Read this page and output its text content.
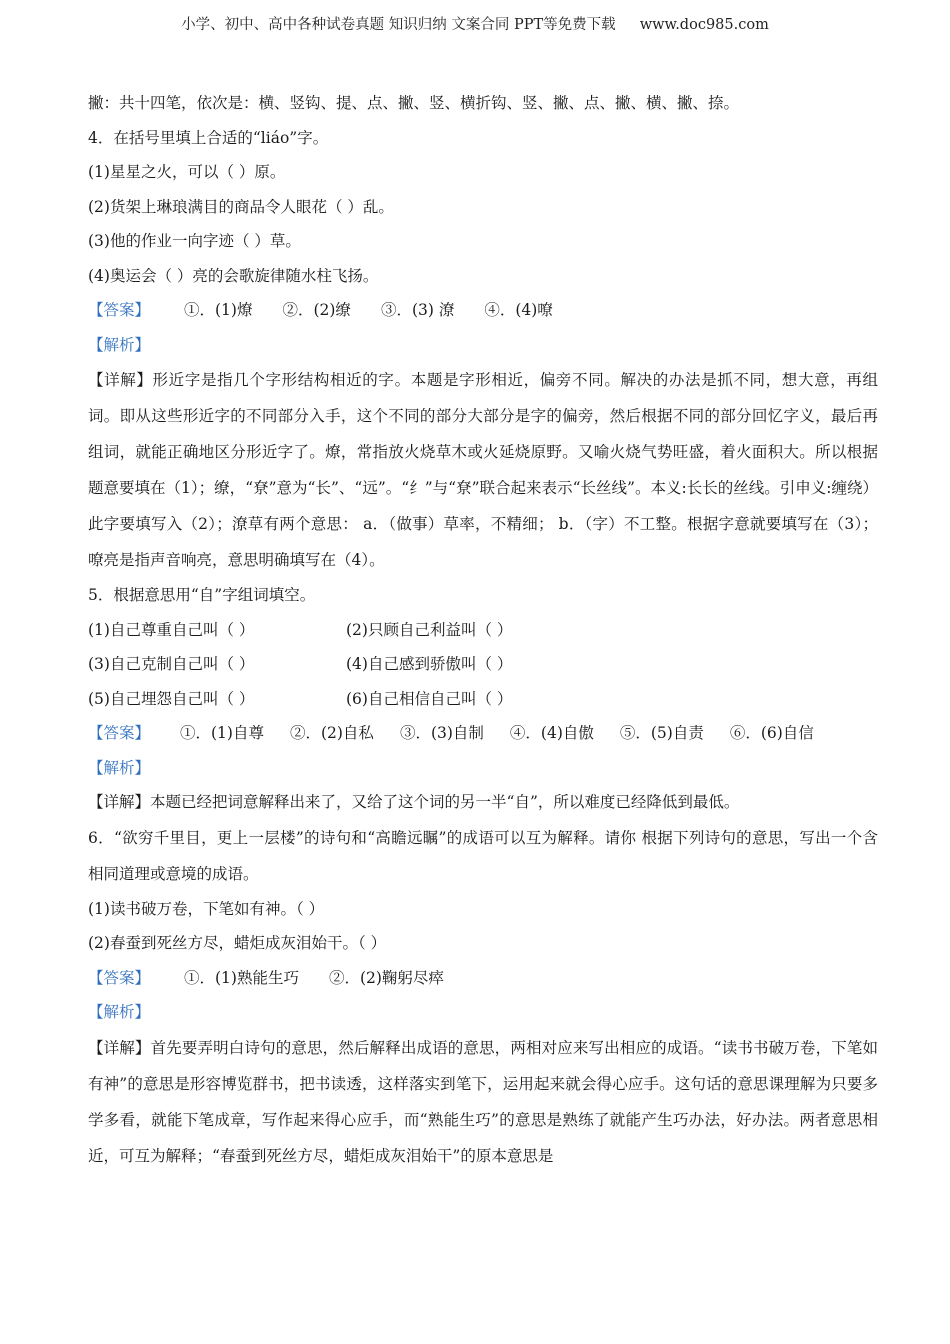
小学、初中、高中各种试卷真题 知识归纳 文案合同 PPT等免费下载 www.doc985.com
撇：共十四笔，依次是：横、竖钩、提、点、撇、竖、横折钩、竖、撇、点、撇、横、撇、捺。
4．在括号里填上合适的“liáo”字。
(1)星星之火，可以（ ）原。
(2)货架上琳琅满目的商品令人眼花（ ）乱。
(3)他的作业一向字迹（ ）草。
(4)奥运会（ ）亮的会歌旋律随水柱飞扬。
【答案】 ①．(1)燎 ②．(2)缭 ③．(3) 潦 ④．(4)嘹
【解析】
【详解】形近字是指几个字形结构相近的字。本题是字形相近，偏旁不同。解决的办法是抓不同，想大意，再组词。即从这些形近字的不同部分入手，这个不同的部分大部分是字的偏旁，然后根据不同的部分回忆字义，最后再组词，就能正确地区分形近字了。燎，常指放火烧草木或火延烧原野。又喻火烧气势旺盛，着火面积大。所以根据题意要填在（1）；缭，“尞”意为“长”、“远”。“纟”与“尞”联合起来表示“长丝线”。本义:长长的丝线。引申义:缠绕） 此字要填写入（2）；潦草有两个意思： a．（做事）草率，不精细； b．（字）不工整。根据字意就要填写在（3）；嘹亮是指声音响亮，意思明确填写在（4）。
5．根据意思用“自”字组词填空。
(1)自己尊重自己叫（ ）	(2)只顾自己利益叫（ ）
(3)自己克制自己叫（ ）	(4)自己感到骄傲叫（ ）
(5)自己埋怨自己叫（ ）	(6)自己相信自己叫（ ）
【答案】 ①．(1)自尊 ②．(2)自私 ③．(3)自制 ④．(4)自傲 ⑤．(5)自责 ⑥．(6)自信
【解析】
【详解】本题已经把词意解释出来了，又给了这个词的另一半“自”，所以难度已经降低到最低。
6．“欲穷千里目，更上一层楼”的诗句和“高瞻远瞩”的成语可以互为解释。请你 根据下列诗句的意思，写出一个含相同道理或意境的成语。
(1)读书破万卷，下笔如有神。（ ）
(2)春蚕到死丝方尽，蜡炬成灰泪始干。（ ）
【答案】 ①．(1)熟能生巧 ②．(2)鞠躬尽瘁
【解析】
【详解】首先要弄明白诗句的意思，然后解释出成语的意思，两相对应来写出相应的成语。“读书书破万卷，下笔如有神”的意思是形容博览群书，把书读透，这样落实到笔下，运用起来就会得心应手。这句话的意思课理解为只要多学多看，就能下笔成章，写作起来得心应手，而“熟能生巧”的意思是熟练了就能产生巧办法，好办法。两者意思相近，可互为解释；“春蚕到死丝方尽，蜡炬成灰泪始干”的原本意思是
